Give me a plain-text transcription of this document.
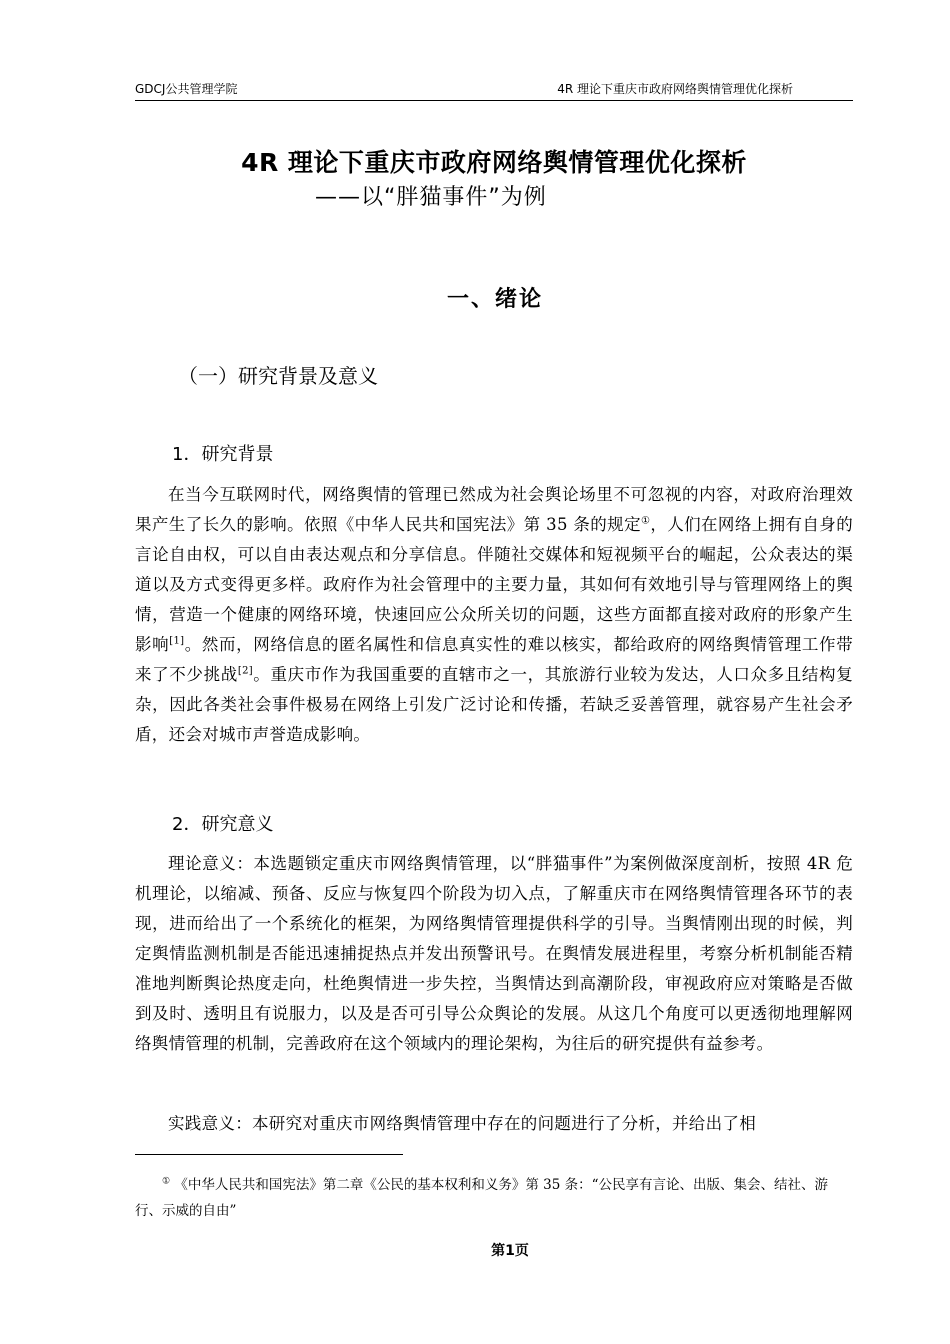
GDCJ公共管理学院	4R 理论下重庆市政府网络舆情管理优化探析
4R 理论下重庆市政府网络舆情管理优化探析
——以“胖猫事件”为例
一、绪论
（一）研究背景及意义
1．研究背景

在当今互联网时代，网络舆情的管理已然成为社会舆论场里不可忽视的内容，对政府治理效果产生了长久的影响。依照《中华人民共和国宪法》第 35 条的规定①，人们在网络上拥有自身的言论自由权，可以自由表达观点和分享信息。伴随社交媒体和短视频平台的崛起，公众表达的渠道以及方式变得更多样。政府作为社会管理中的主要力量，其如何有效地引导与管理网络上的舆情，营造一个健康的网络环境，快速回应公众所关切的问题，这些方面都直接对政府的形象产生影响[1]。然而，网络信息的匿名属性和信息真实性的难以核实，都给政府的网络舆情管理工作带来了不少挑战[2]。重庆市作为我国重要的直辖市之一，其旅游行业较为发达，人口众多且结构复杂，因此各类社会事件极易在网络上引发广泛讨论和传播，若缺乏妥善管理，就容易产生社会矛盾，还会对城市声誉造成影响。

2．研究意义

理论意义：本选题锁定重庆市网络舆情管理，以“胖猫事件”为案例做深度剖析，按照 4R 危机理论，以缩减、预备、反应与恢复四个阶段为切入点，了解重庆市在网络舆情管理各环节的表现，进而给出了一个系统化的框架，为网络舆情管理提供科学的引导。当舆情刚出现的时候，判定舆情监测机制是否能迅速捕捉热点并发出预警讯号。在舆情发展进程里，考察分析机制能否精准地判断舆论热度走向，杜绝舆情进一步失控，当舆情达到高潮阶段，审视政府应对策略是否做到及时、透明且有说服力，以及是否可引导公众舆论的发展。从这几个角度可以更透彻地理解网络舆情管理的机制，完善政府在这个领域内的理论架构，为往后的研究提供有益参考。

实践意义：本研究对重庆市网络舆情管理中存在的问题进行了分析，并给出了相

① 《中华人民共和国宪法》第二章《公民的基本权利和义务》第 35 条：“公民享有言论、出版、集会、结社、游行、示威的自由”

第1页
